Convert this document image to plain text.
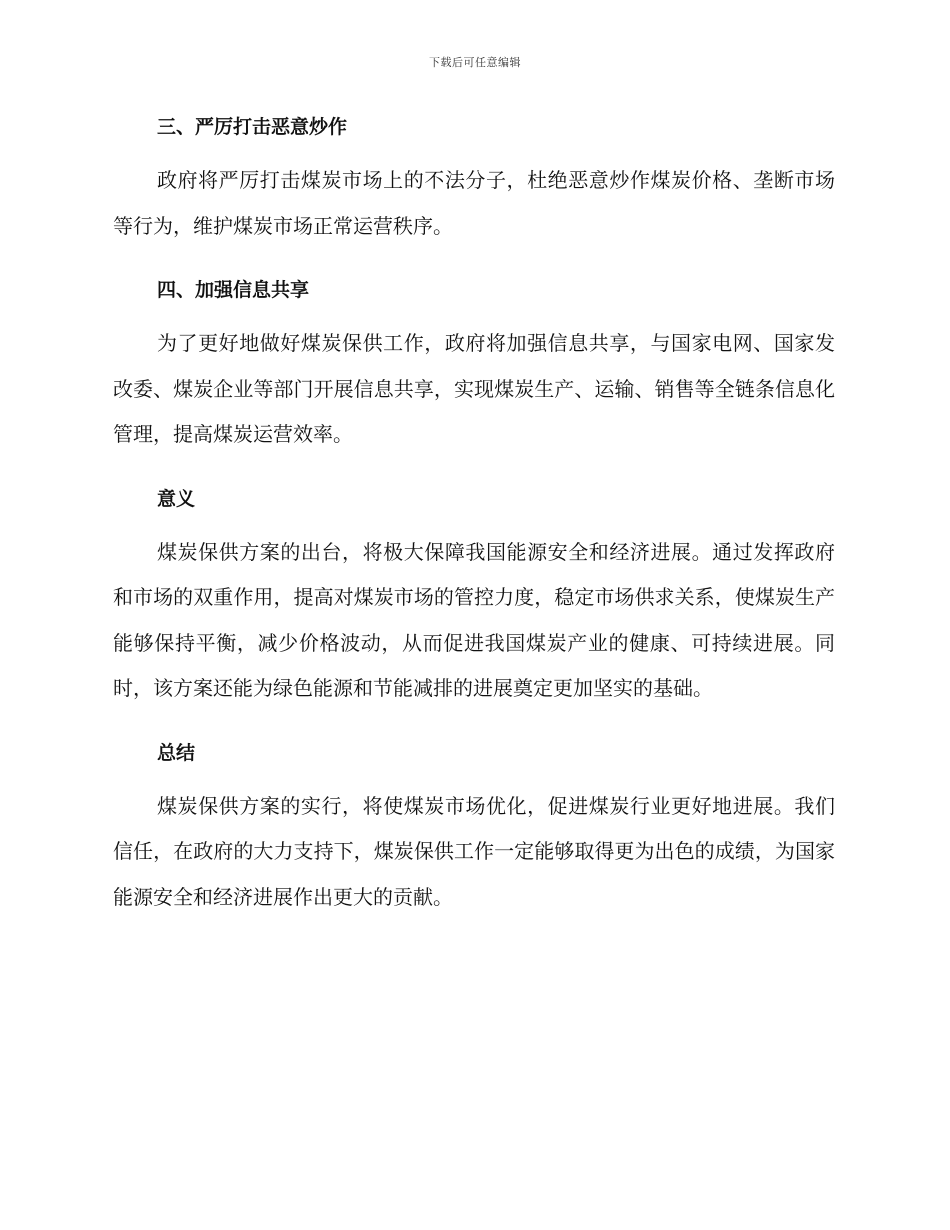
下载后可任意编辑
三、严厉打击恶意炒作

政府将严厉打击煤炭市场上的不法分子，杜绝恶意炒作煤炭价格、垄断市场等行为，维护煤炭市场正常运营秩序。

四、加强信息共享

为了更好地做好煤炭保供工作，政府将加强信息共享，与国家电网、国家发改委、煤炭企业等部门开展信息共享，实现煤炭生产、运输、销售等全链条信息化管理，提高煤炭运营效率。

意义

煤炭保供方案的出台，将极大保障我国能源安全和经济进展。通过发挥政府和市场的双重作用，提高对煤炭市场的管控力度，稳定市场供求关系，使煤炭生产能够保持平衡，减少价格波动，从而促进我国煤炭产业的健康、可持续进展。同时，该方案还能为绿色能源和节能减排的进展奠定更加坚实的基础。

总结

煤炭保供方案的实行，将使煤炭市场优化，促进煤炭行业更好地进展。我们信任，在政府的大力支持下，煤炭保供工作一定能够取得更为出色的成绩，为国家能源安全和经济进展作出更大的贡献。
